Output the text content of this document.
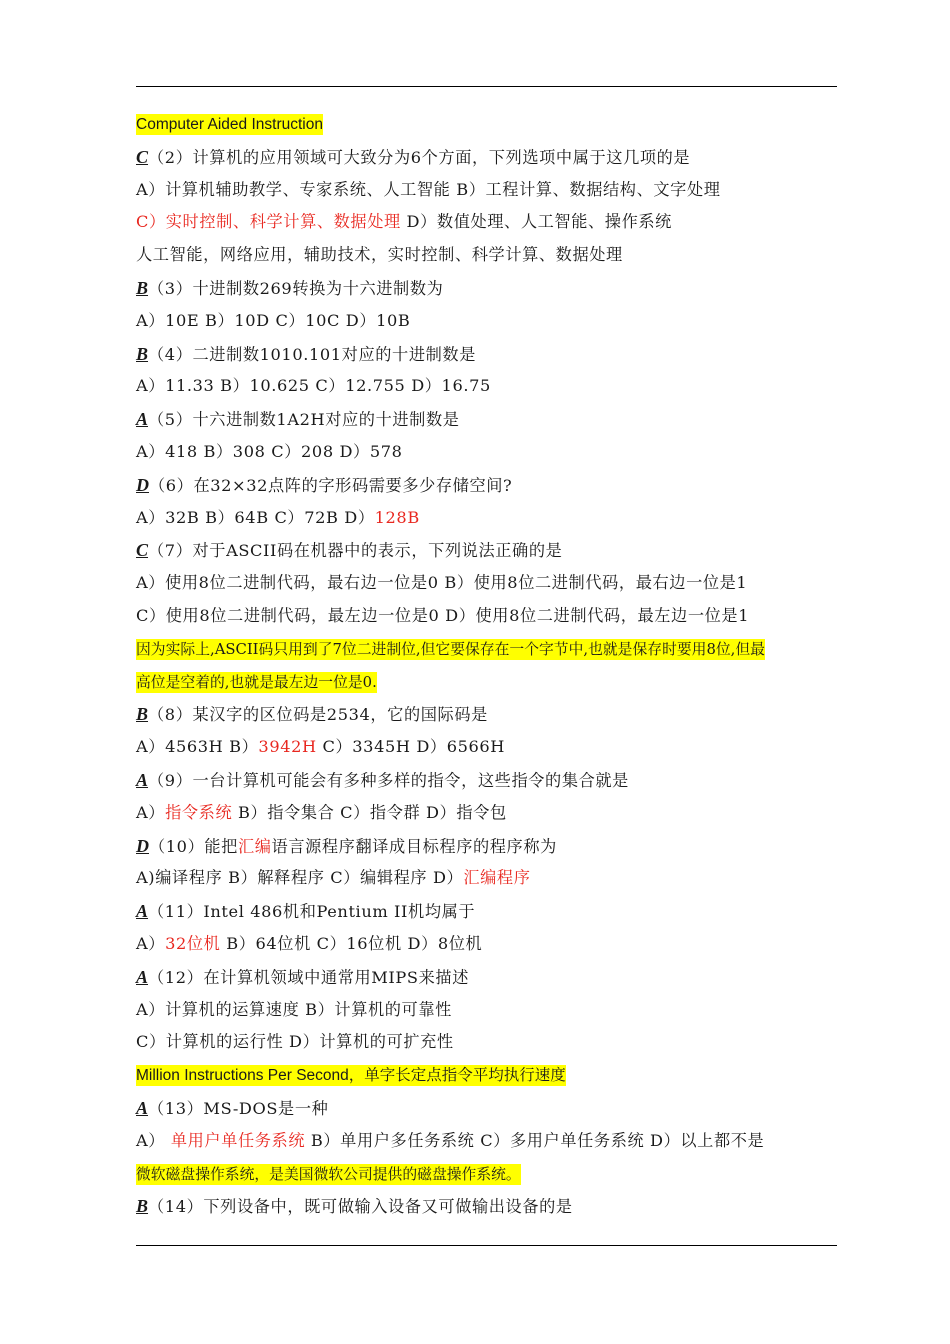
Computer Aided Instruction
C（2）计算机的应用领域可大致分为6个方面，下列选项中属于这几项的是
A）计算机辅助教学、专家系统、人工智能 B）工程计算、数据结构、文字处理
C）实时控制、科学计算、数据处理 D）数值处理、人工智能、操作系统
人工智能，网络应用，辅助技术，实时控制、科学计算、数据处理
B（3）十进制数269转换为十六进制数为
A）10E B）10D C）10C D）10B
B（4）二进制数1010.101对应的十进制数是
A）11.33 B）10.625 C）12.755 D）16.75
A（5）十六进制数1A2H对应的十进制数是
A）418 B）308 C）208 D）578
D（6）在32×32点阵的字形码需要多少存储空间?
A）32B B）64B C）72B D）128B
C（7）对于ASCII码在机器中的表示，下列说法正确的是
A）使用8位二进制代码，最右边一位是0 B）使用8位二进制代码，最右边一位是1
C）使用8位二进制代码，最左边一位是0 D）使用8位二进制代码，最左边一位是1
因为实际上,ASCII码只用到了7位二进制位,但它要保存在一个字节中,也就是保存时要用8位,但最
高位是空着的,也就是最左边一位是0.
B（8）某汉字的区位码是2534，它的国际码是
A）4563H B）3942H C）3345H D）6566H
A（9）一台计算机可能会有多种多样的指令，这些指令的集合就是
A）指令系统 B）指令集合 C）指令群 D）指令包
D（10）能把汇编语言源程序翻译成目标程序的程序称为
A)编译程序 B）解释程序 C）编辑程序 D）汇编程序
A（11）Intel 486机和Pentium II机均属于
A）32位机 B）64位机 C）16位机 D）8位机
A（12）在计算机领域中通常用MIPS来描述
A）计算机的运算速度 B）计算机的可靠性
C）计算机的运行性 D）计算机的可扩充性
Million Instructions Per Second，单字长定点指令平均执行速度
A（13）MS-DOS是一种
A） 单用户单任务系统 B）单用户多任务系统 C）多用户单任务系统 D）以上都不是
微软磁盘操作系统，是美国微软公司提供的磁盘操作系统。
B（14）下列设备中，既可做输入设备又可做输出设备的是
